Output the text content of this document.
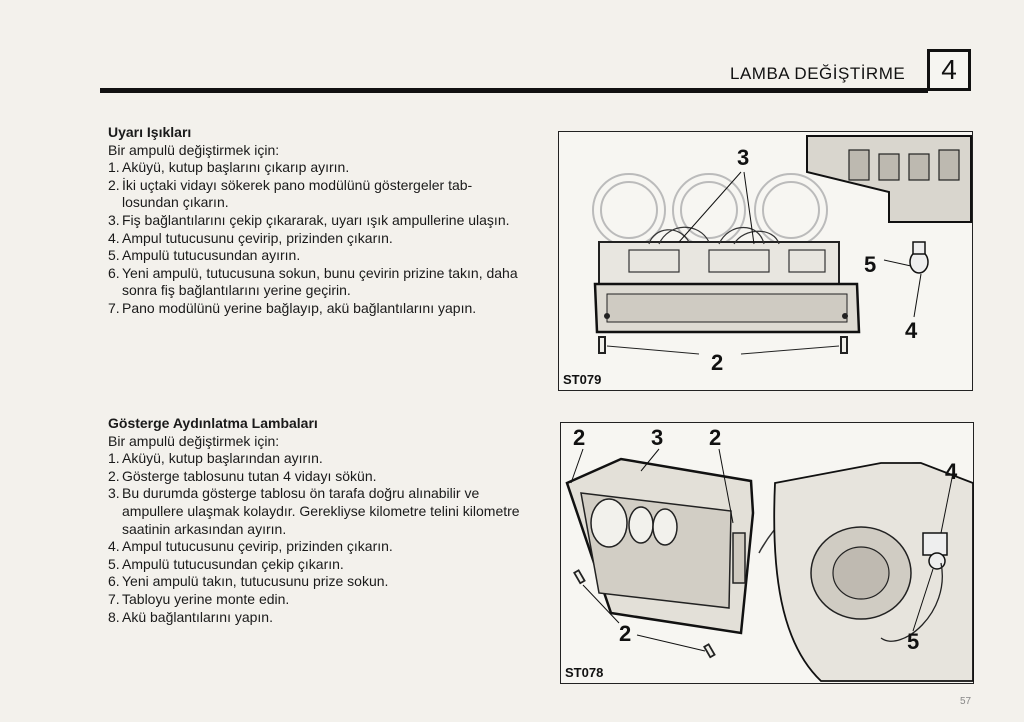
LAMBA DEĞİŞTİRME 4
Uyarı Işıkları

Bir ampulü değiştirmek için:

1. Aküyü, kutup başlarını çıkarıp ayırın.
2. İki uçtaki vidayı sökerek pano modülünü göstergeler tab-losundan çıkarın.
3. Fiş bağlantılarını çekip çıkararak, uyarı ışık ampullerine ulaşın.
4. Ampul tutucusunu çevirip, prizinden çıkarın.
5. Ampulü tutucusundan ayırın.
6. Yeni ampulü, tutucusuna sokun, bunu çevirin prizine takın, daha sonra fiş bağlantılarını yerine geçirin.
7. Pano modülünü yerine bağlayıp, akü bağlantılarını yapın.
Gösterge Aydınlatma Lambaları

Bir ampulü değiştirmek için:

1. Aküyü, kutup başlarından ayırın.
2. Gösterge tablosunu tutan 4 vidayı sökün.
3. Bu durumda gösterge tablosu ön tarafa doğru alınabilir ve ampullere ulaşmak kolaydır. Gerekliyse kilometre telini kilometre saatinin arkasından ayırın.
4. Ampul tutucusunu çevirip, prizinden çıkarın.
5. Ampulü tutucusundan çekip çıkarın.
6. Yeni ampulü takın, tutucusunu prize sokun.
7. Tabloyu yerine monte edin.
8. Akü bağlantılarını yapın.
3
5
4
2
ST079
2	3 2
4
2	5
ST078
57
